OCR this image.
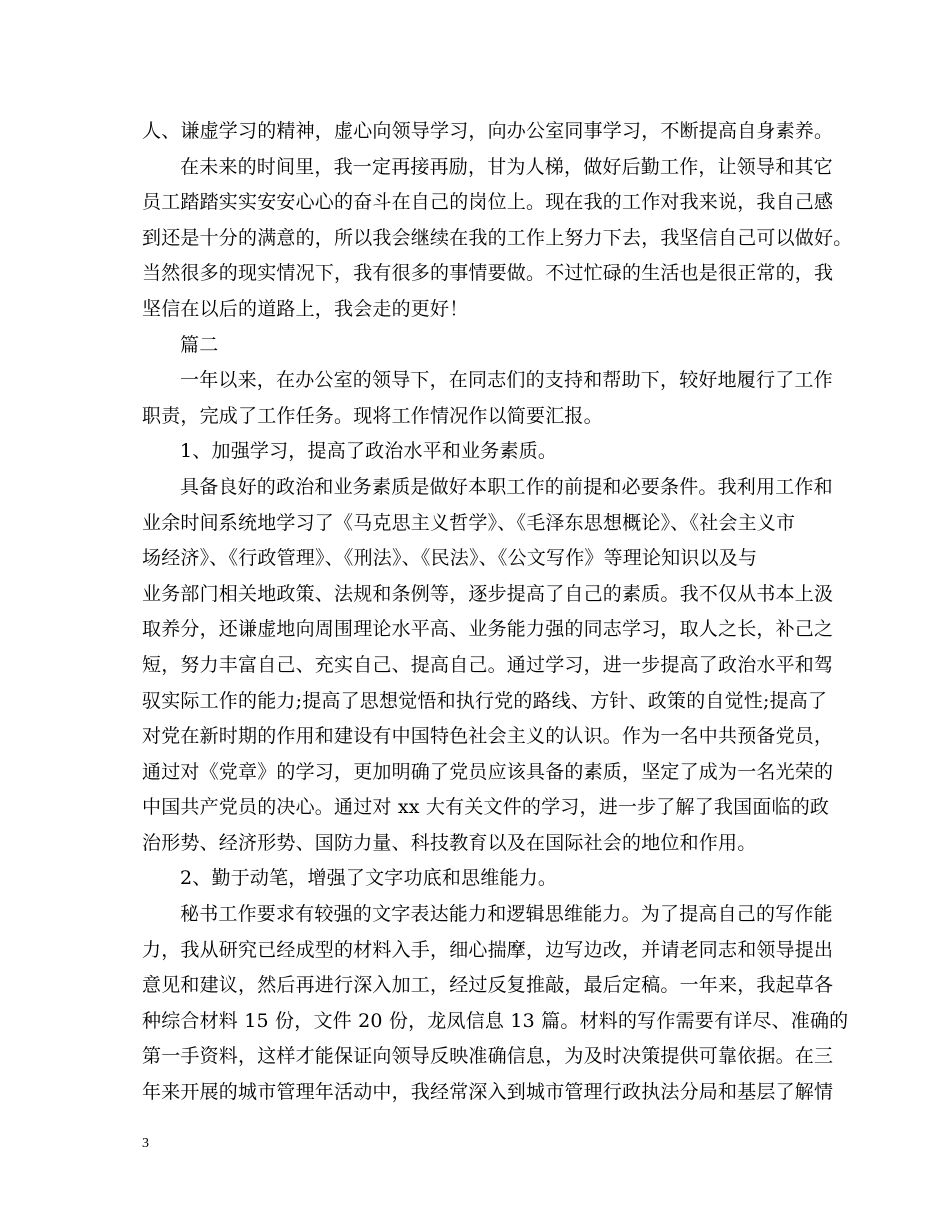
人、谦虚学习的精神，虚心向领导学习，向办公室同事学习，不断提高自身素养。
在未来的时间里，我一定再接再励，甘为人梯，做好后勤工作，让领导和其它
员工踏踏实实安安心心的奋斗在自己的岗位上。现在我的工作对我来说，我自己感
到还是十分的满意的，所以我会继续在我的工作上努力下去，我坚信自己可以做好。
当然很多的现实情况下，我有很多的事情要做。不过忙碌的生活也是很正常的，我
坚信在以后的道路上，我会走的更好！
篇二
一年以来，在办公室的领导下，在同志们的支持和帮助下，较好地履行了工作
职责，完成了工作任务。现将工作情况作以简要汇报。
1、加强学习，提高了政治水平和业务素质。
具备良好的政治和业务素质是做好本职工作的前提和必要条件。我利用工作和
业余时间系统地学习了《马克思主义哲学》、《毛泽东思想概论》、《社会主义市
场经济》、《行政管理》、《刑法》、《民法》、《公文写作》等理论知识以及与
业务部门相关地政策、法规和条例等，逐步提高了自己的素质。我不仅从书本上汲
取养分，还谦虚地向周围理论水平高、业务能力强的同志学习，取人之长，补己之
短，努力丰富自己、充实自己、提高自己。通过学习，进一步提高了政治水平和驾
驭实际工作的能力;提高了思想觉悟和执行党的路线、方针、政策的自觉性;提高了
对党在新时期的作用和建设有中国特色社会主义的认识。作为一名中共预备党员，
通过对《党章》的学习，更加明确了党员应该具备的素质，坚定了成为一名光荣的
中国共产党员的决心。通过对 xx 大有关文件的学习，进一步了解了我国面临的政
治形势、经济形势、国防力量、科技教育以及在国际社会的地位和作用。
2、勤于动笔，增强了文字功底和思维能力。
秘书工作要求有较强的文字表达能力和逻辑思维能力。为了提高自己的写作能
力，我从研究已经成型的材料入手，细心揣摩，边写边改，并请老同志和领导提出
意见和建议，然后再进行深入加工，经过反复推敲，最后定稿。一年来，我起草各
种综合材料 15 份，文件 20 份，龙凤信息 13 篇。材料的写作需要有详尽、准确的
第一手资料，这样才能保证向领导反映准确信息，为及时决策提供可靠依据。在三
年来开展的城市管理年活动中，我经常深入到城市管理行政执法分局和基层了解情
3
